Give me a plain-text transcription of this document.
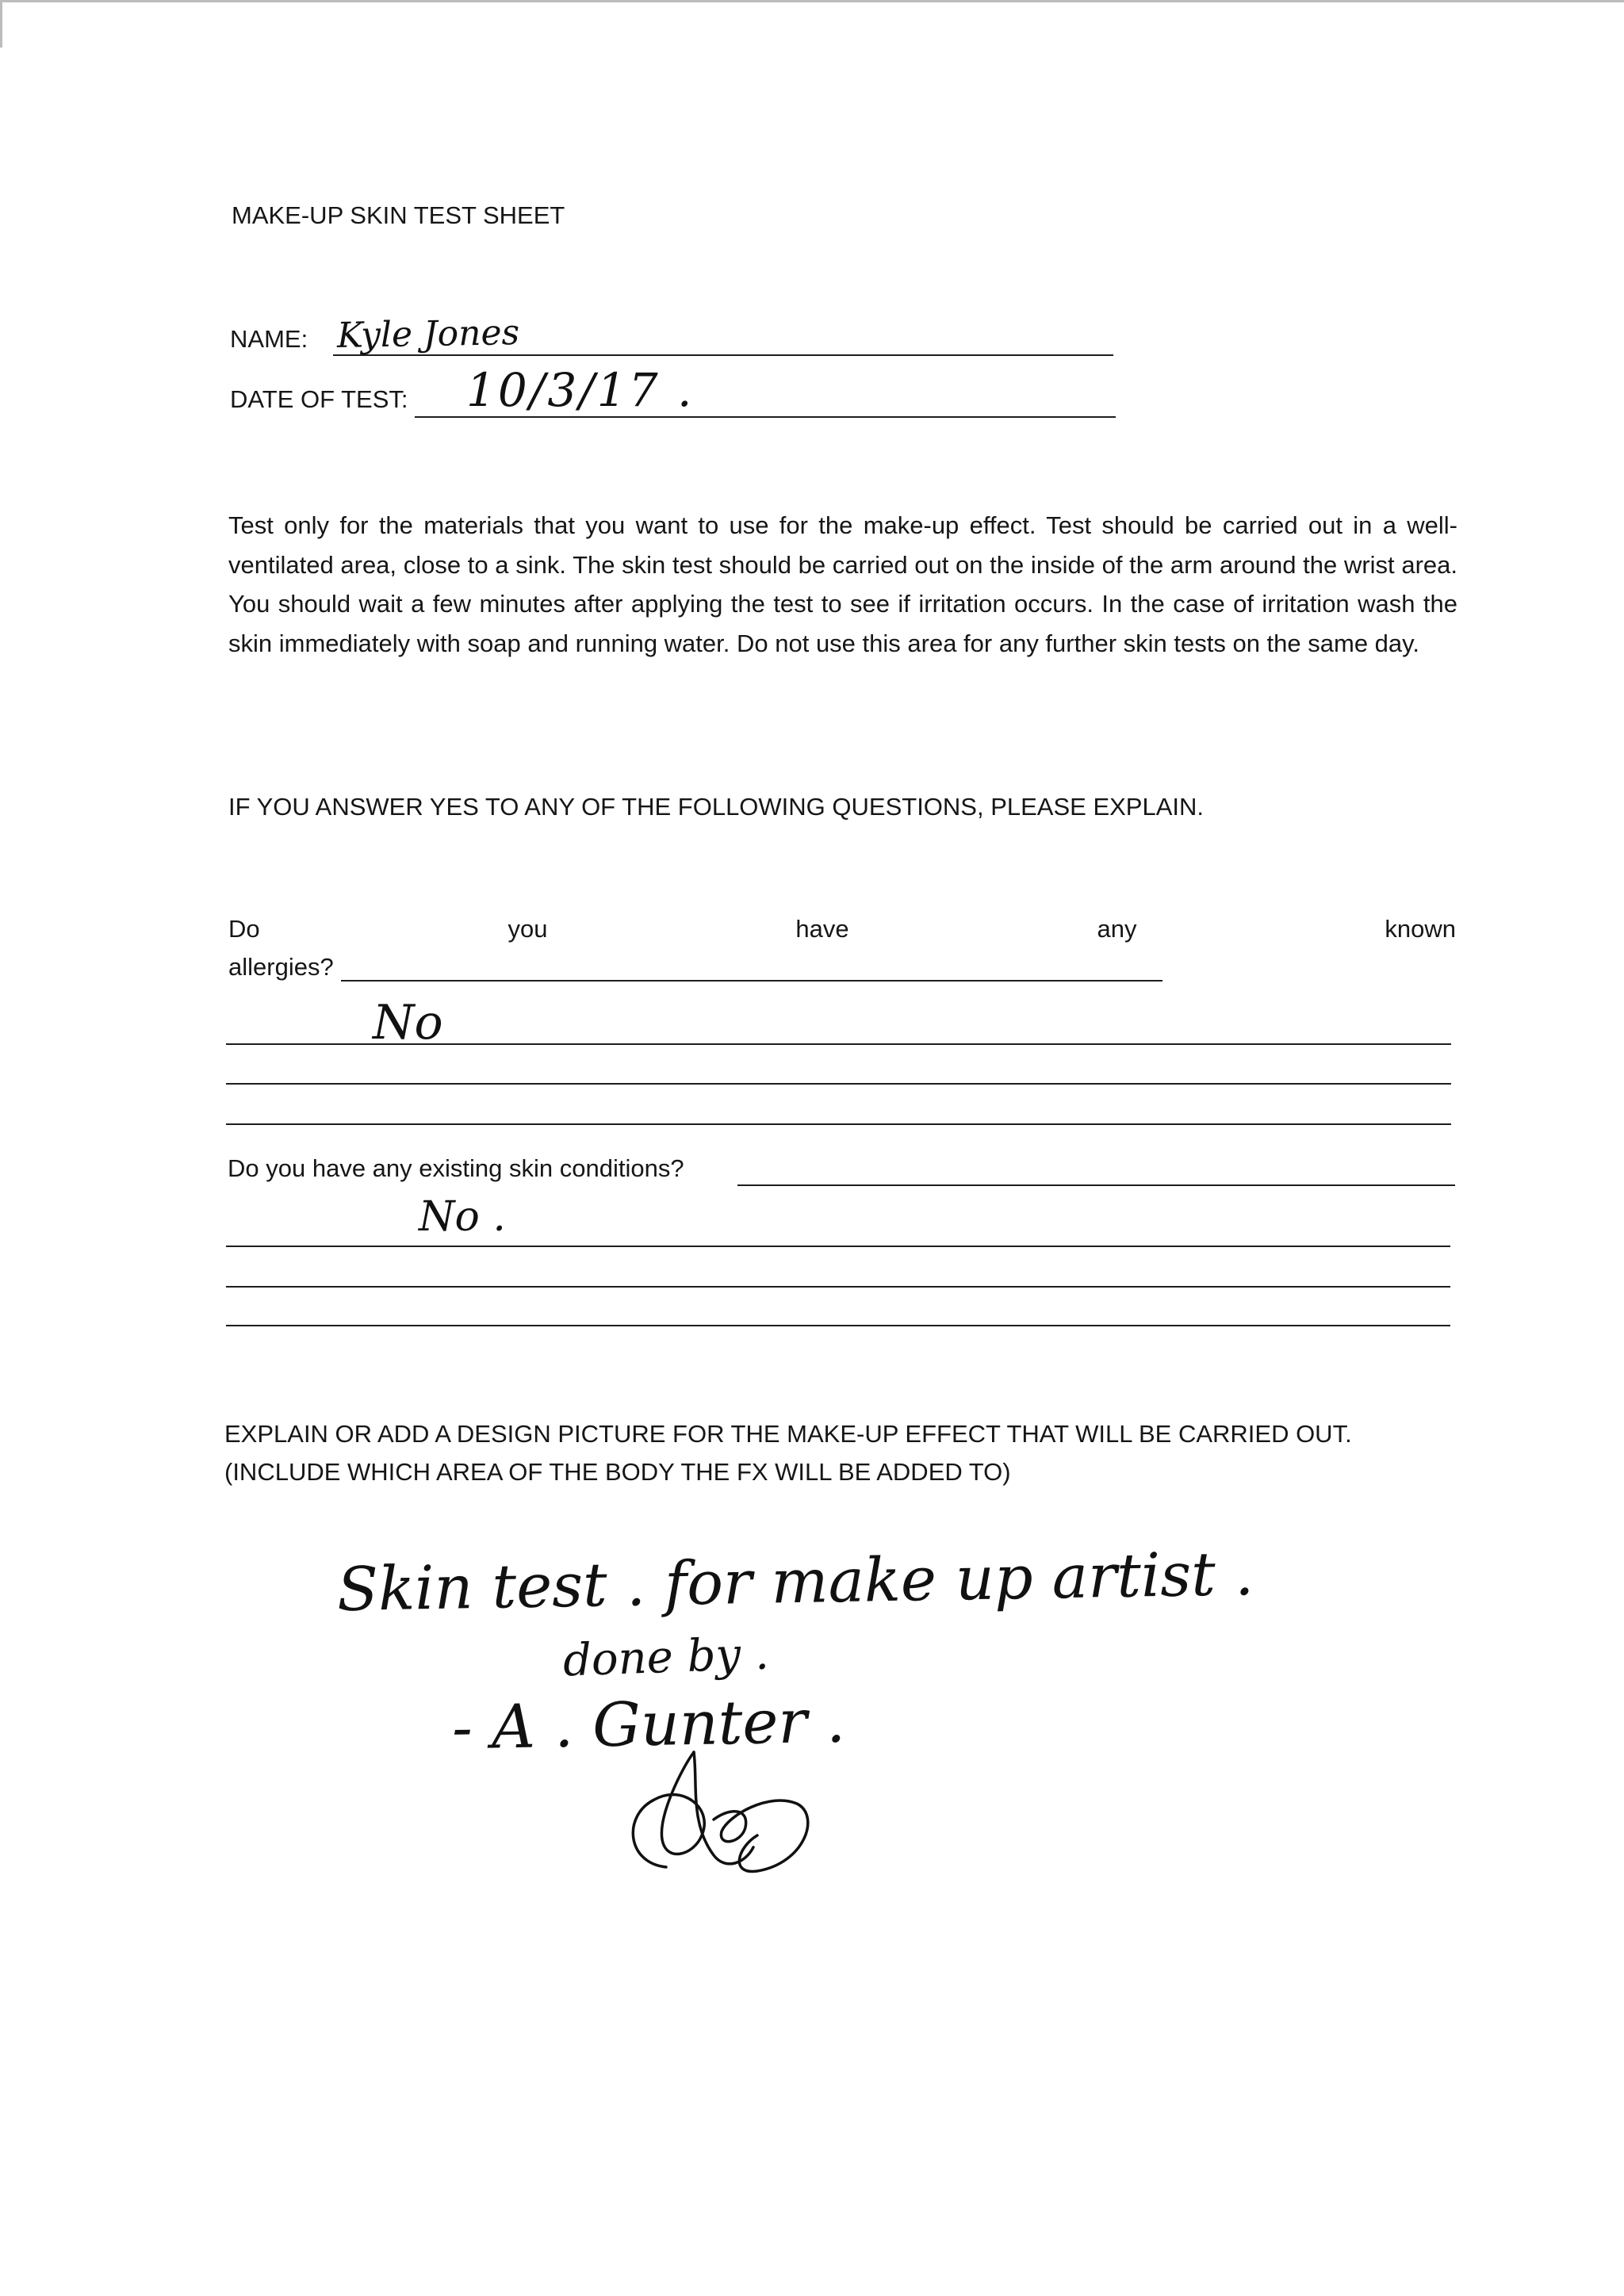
MAKE-UP SKIN TEST SHEET
NAME: Kyle Jones
DATE OF TEST: 10/3/17 .

Test only for the materials that you want to use for the make-up effect. Test should be carried out in a well-ventilated area, close to a sink. The skin test should be carried out on the inside of the arm around the wrist area. You should wait a few minutes after applying the test to see if irritation occurs. In the case of irritation wash the skin immediately with soap and running water. Do not use this area for any further skin tests on the same day.

IF YOU ANSWER YES TO ANY OF THE FOLLOWING QUESTIONS, PLEASE EXPLAIN.
Do	you	have	any	known
allergies?
No
Do you have any existing skin conditions?
No .
EXPLAIN OR ADD A DESIGN PICTURE FOR THE MAKE-UP EFFECT THAT WILL BE CARRIED OUT.
(INCLUDE WHICH AREA OF THE BODY THE FX WILL BE ADDED TO)
Skin test . for make up artist .
done by .
- A . Gunter .
